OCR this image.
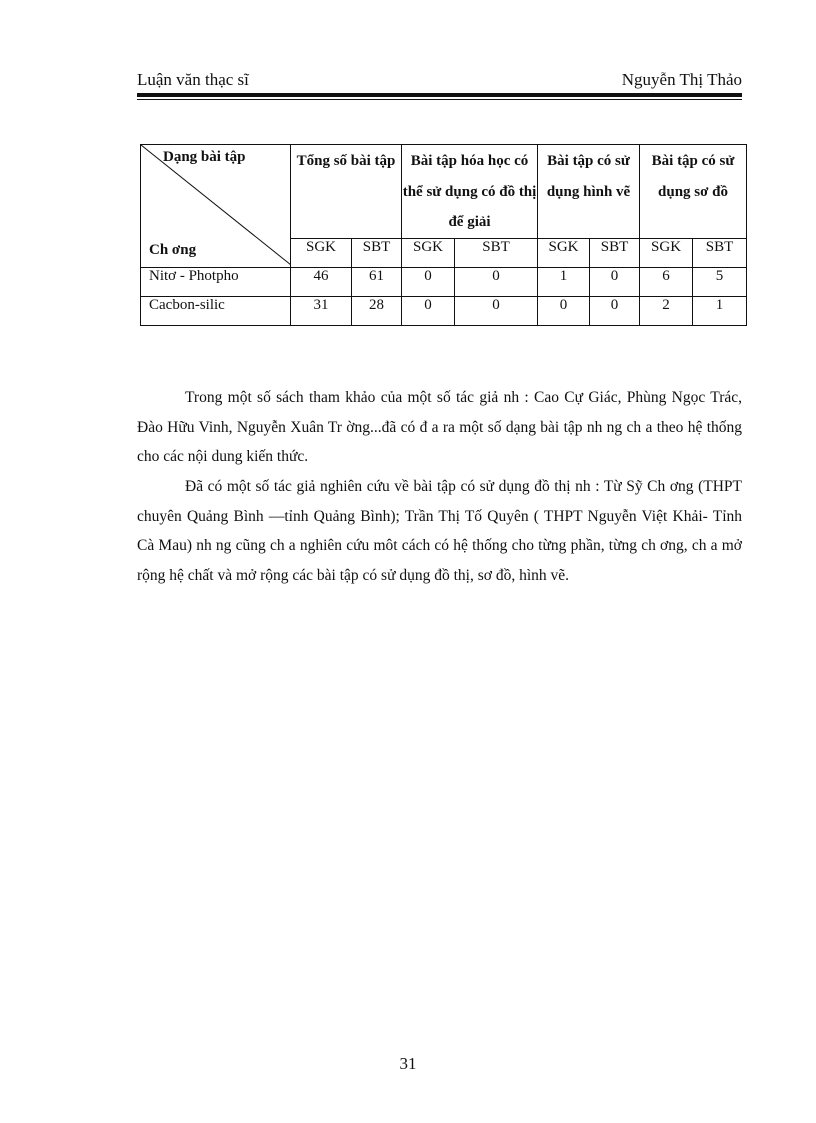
Luận văn thạc sĩ	Nguyễn Thị Thảo
Dạng bài tập
Ch ơng	Tổng số bài tập		Bài tập hóa học có thể sử dụng có đồ thị để giải		Bài tập có sử dụng hình vẽ		Bài tập có sử dụng sơ đồ	
	SGK	SBT	SGK	SBT	SGK	SBT	SGK	SBT
Nitơ - Photpho	46	61	0	0	1	0	6	5
Cacbon-silic	31	28	0	0	0	0	2	1

Trong một số sách tham khảo của một số tác giả nh : Cao Cự Giác, Phùng Ngọc Trác, Đào Hữu Vinh, Nguyễn Xuân Tr ờng...đã có đ a ra một số dạng bài tập nh ng ch a theo hệ thống cho các nội dung kiến thức.

Đã có một số tác giả nghiên cứu về bài tập có sử dụng đồ thị nh : Từ Sỹ Ch ơng (THPT chuyên Quảng Bình —tỉnh Quảng Bình); Trần Thị Tố Quyên ( THPT Nguyễn Việt Khải- Tỉnh Cà Mau) nh ng cũng ch a nghiên cứu môt cách có hệ thống cho từng phần, từng ch ơng, ch a mở rộng hệ chất và mở rộng các bài tập có sử dụng đồ thị, sơ đồ, hình vẽ.

31
